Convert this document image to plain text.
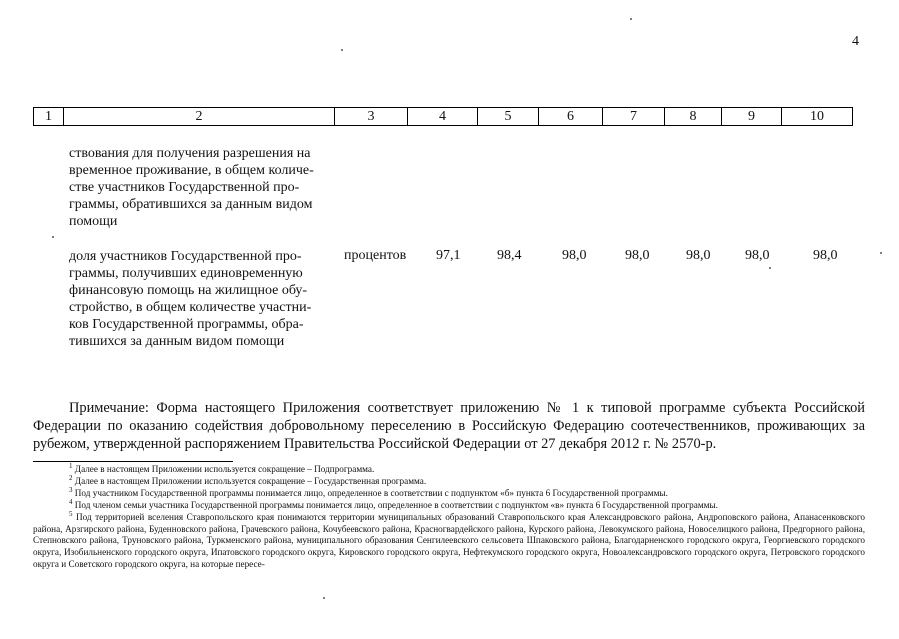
4
1	2	3	4	5	6	7	8	9	10
ствования для получения разрешения на
временное проживание, в общем количе-
стве участников Государственной про-
граммы, обратившихся за данным видом
помощи
доля участников Государственной про-
граммы, получивших единовременную
финансовую помощь на жилищное обу-
стройство, в общем количестве участни-
ков Государственной программы, обра-
тившихся за данным видом помощи
процентов 97,1	98,4	98,0	98,0	98,0 98,0	98,0
Примечание: Форма настоящего Приложения соответствует приложению № 1 к типовой программе субъекта Российской Федерации по оказанию содействия добровольному переселению в Российскую Федерацию соотечественников, проживающих за рубежом, утвержденной распоряжением Правительства Российской Федерации от 27 декабря 2012 г. № 2570-р.
$^1$ Далее в настоящем Приложении используется сокращение – Подпрограмма.
$^2$ Далее в настоящем Приложении используется сокращение – Государственная программа.
$^3$ Под участником Государственной программы понимается лицо, определенное в соответствии с подпунктом «б» пункта 6 Государственной программы.
$^4$ Под членом семьи участника Государственной программы понимается лицо, определенное в соответствии с подпунктом «в» пункта 6 Государственной программы.
$^5$ Под территорией вселения Ставропольского края понимаются территории муниципальных образований Ставропольского края Александровского района, Андроповского района, Апанасенковского района, Арзгирского района, Буденновского района, Грачевского района, Кочубеевского района, Красногвардейского района, Курского района, Левокумского района, Новоселицкого района, Предгорного района, Степновского района, Труновского района, Туркменского района, муниципального образования Сенгилеевского сельсовета Шпаковского района, Благодарненского городского округа, Георгиевского городского округа, Изобильненского городского округа, Ипатовского городского округа, Кировского городского округа, Нефтекумского городского округа, Новоалександровского городского округа, Петровского городского округа и Советского городского округа, на которые пересе-
